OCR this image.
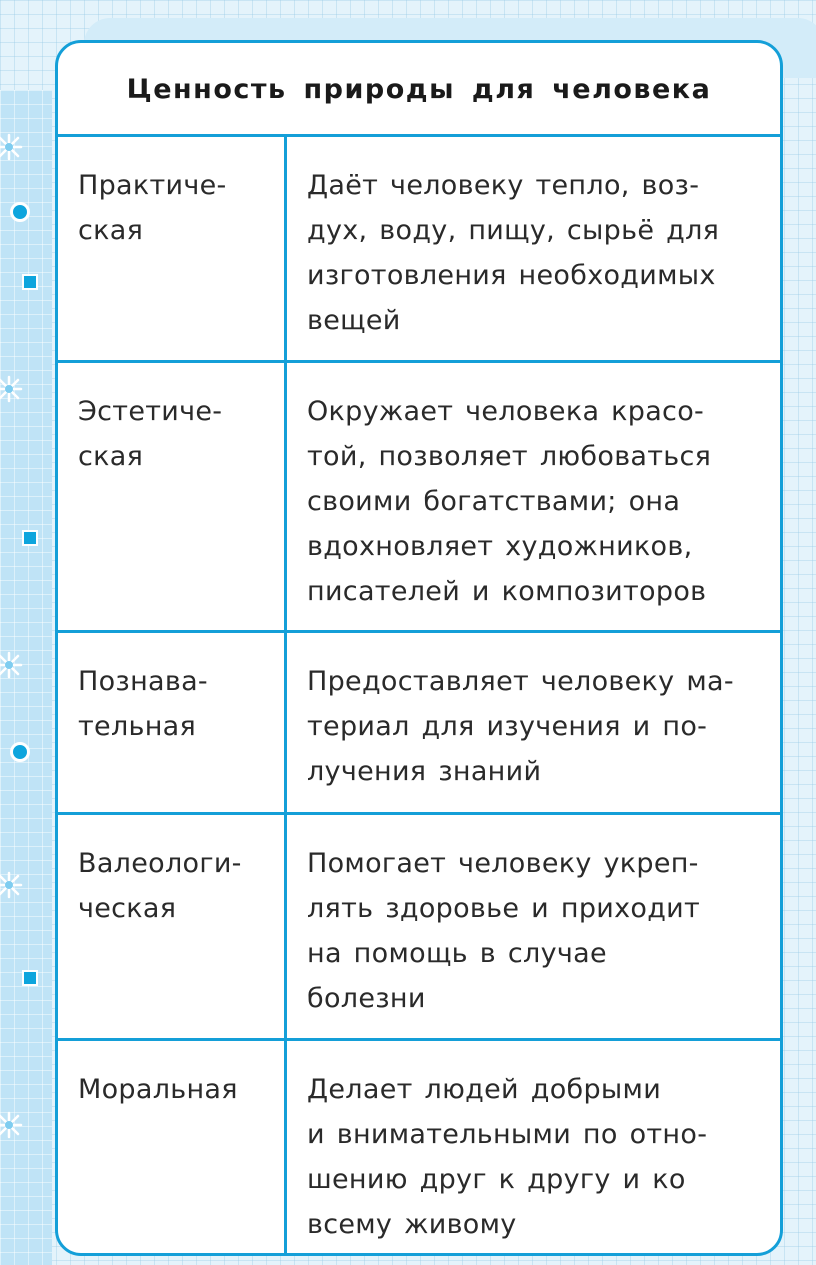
Ценность природы для человека
Практиче-
ская
Даёт человеку тепло, воз-
дух, воду, пищу, сырьё для
изготовления необходимых
вещей
Эстетиче-
ская
Окружает человека красо-
той, позволяет любоваться
своими богатствами; она
вдохновляет художников,
писателей и композиторов
Познава-
тельная
Предоставляет человеку ма-
териал для изучения и по-
лучения знаний
Валеологи-
ческая
Помогает человеку укреп-
лять здоровье и приходит
на помощь в случае
болезни
Моральная	Делает людей добрыми
и внимательными по отно-
шению друг к другу и ко
всему живому
